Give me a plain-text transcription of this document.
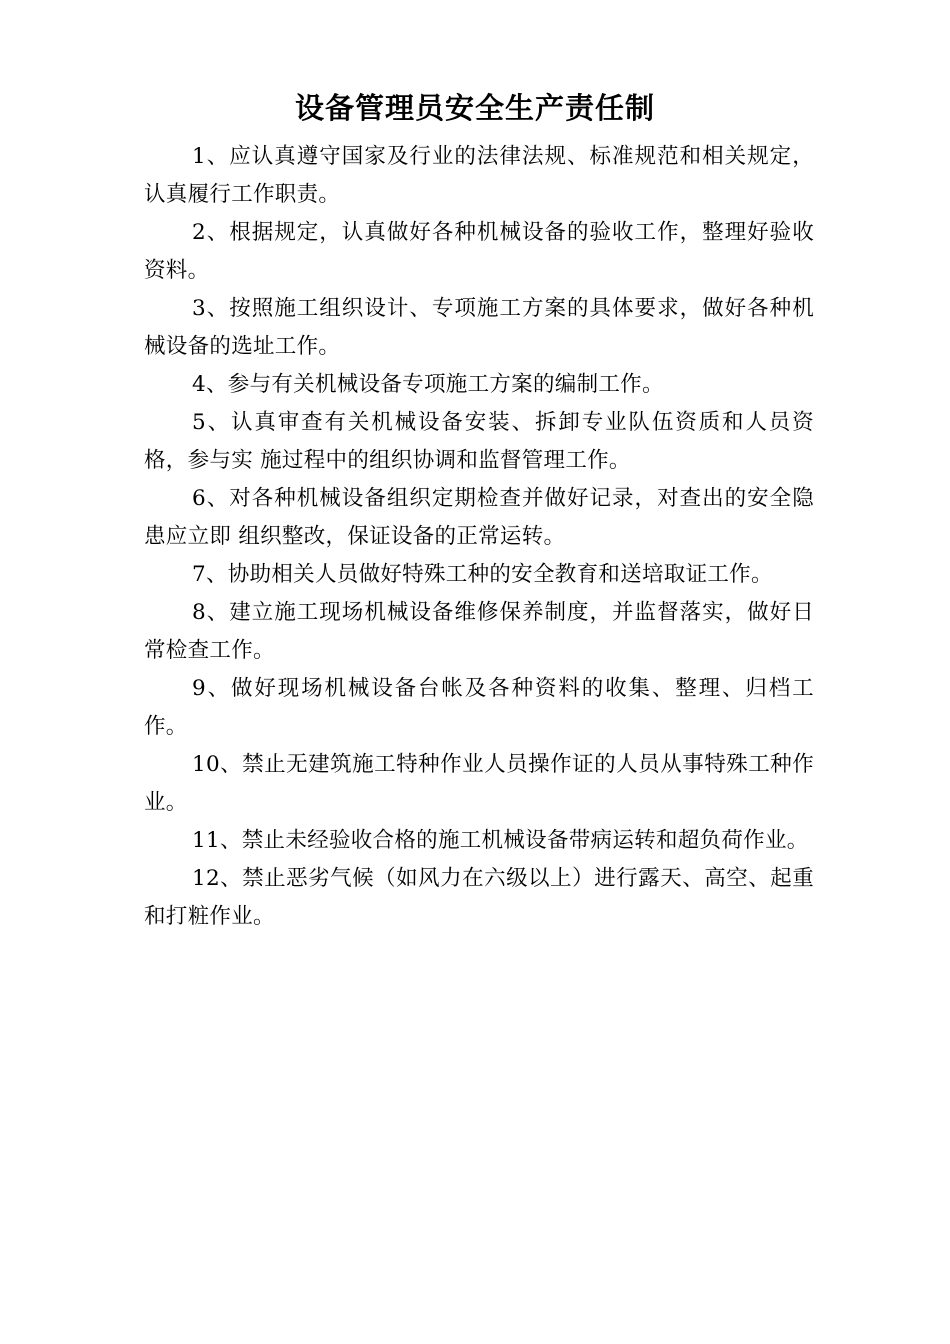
设备管理员安全生产责任制

1、应认真遵守国家及行业的法律法规、标准规范和相关规定，认真履行工作职责。

2、根据规定，认真做好各种机械设备的验收工作，整理好验收资料。

3、按照施工组织设计、专项施工方案的具体要求，做好各种机械设备的选址工作。

4、参与有关机械设备专项施工方案的编制工作。

5、认真审查有关机械设备安装、拆卸专业队伍资质和人员资格，参与实 施过程中的组织协调和监督管理工作。

6、对各种机械设备组织定期检查并做好记录，对查出的安全隐患应立即 组织整改，保证设备的正常运转。

7、协助相关人员做好特殊工种的安全教育和送培取证工作。

8、建立施工现场机械设备维修保养制度，并监督落实，做好日常检查工作。

9、做好现场机械设备台帐及各种资料的收集、整理、归档工作。

10、禁止无建筑施工特种作业人员操作证的人员从事特殊工种作业。

11、禁止未经验收合格的施工机械设备带病运转和超负荷作业。

12、禁止恶劣气候（如风力在六级以上）进行露天、高空、起重和打粧作业。
